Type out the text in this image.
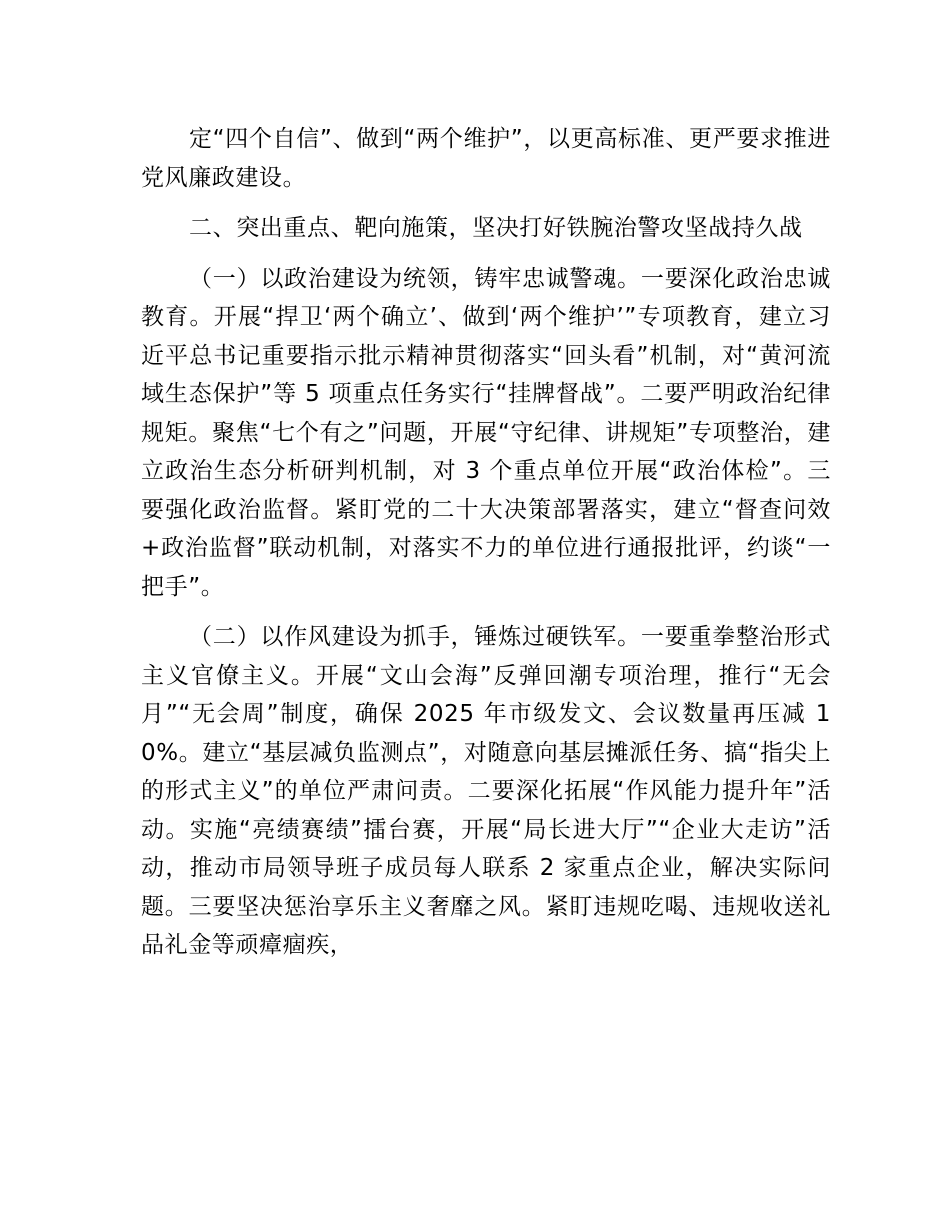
定“四个自信”、做到“两个维护”，以更高标准、更严要求推进党风廉政建设。

二、突出重点、靶向施策，坚决打好铁腕治警攻坚战持久战

（一）以政治建设为统领，铸牢忠诚警魂。一要深化政治忠诚教育。开展“捍卫‘两个确立’、做到‘两个维护’”专项教育，建立习近平总书记重要指示批示精神贯彻落实“回头看”机制，对“黄河流域生态保护”等 5 项重点任务实行“挂牌督战”。二要严明政治纪律规矩。聚焦“七个有之”问题，开展“守纪律、讲规矩”专项整治，建立政治生态分析研判机制，对 3 个重点单位开展“政治体检”。三要强化政治监督。紧盯党的二十大决策部署落实，建立“督查问效+政治监督”联动机制，对落实不力的单位进行通报批评，约谈“一把手”。

（二）以作风建设为抓手，锤炼过硬铁军。一要重拳整治形式主义官僚主义。开展“文山会海”反弹回潮专项治理，推行“无会月”“无会周”制度，确保 2025 年市级发文、会议数量再压减 10%。建立“基层减负监测点”，对随意向基层摊派任务、搞“指尖上的形式主义”的单位严肃问责。二要深化拓展“作风能力提升年”活动。实施“亮绩赛绩”擂台赛，开展“局长进大厅”“企业大走访”活动，推动市局领导班子成员每人联系 2 家重点企业，解决实际问题。三要坚决惩治享乐主义奢靡之风。紧盯违规吃喝、违规收送礼品礼金等顽瘴痼疾，
